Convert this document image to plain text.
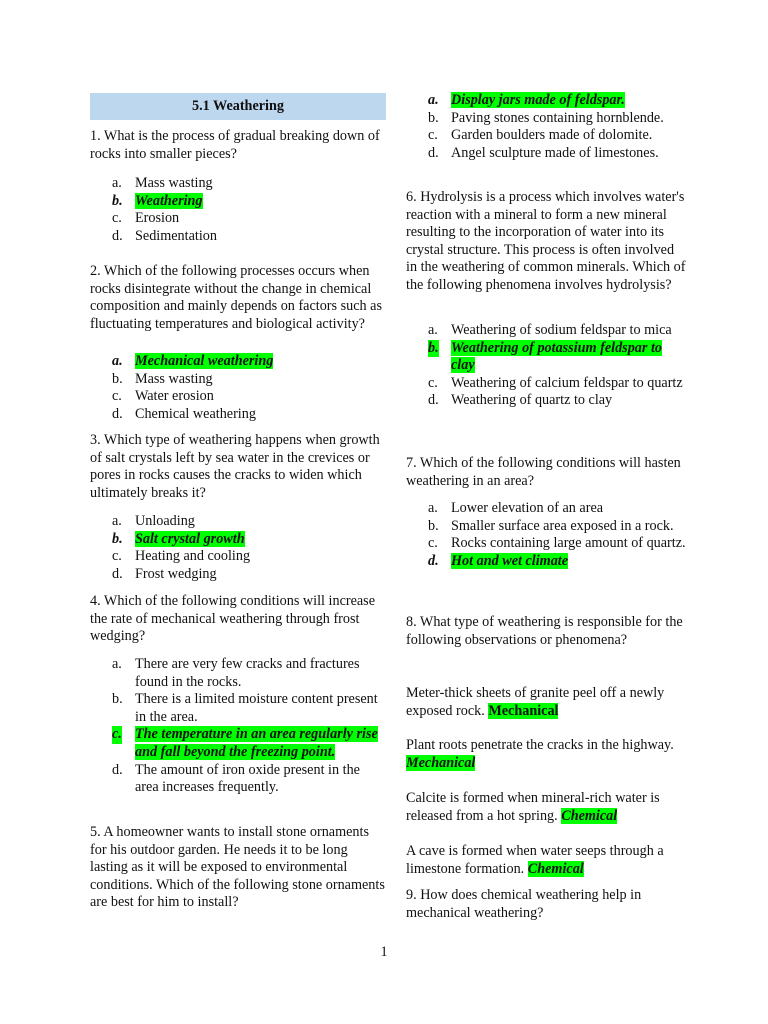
5.1 Weathering

1. What is the process of gradual breaking down of rocks into smaller pieces?

a. Mass wasting
b. Weathering
c. Erosion
d. Sedimentation

2. Which of the following processes occurs when rocks disintegrate without the change in chemical composition and mainly depends on factors such as fluctuating temperatures and biological activity?

a. Mechanical weathering
b. Mass wasting
c. Water erosion
d. Chemical weathering

3. Which type of weathering happens when growth of salt crystals left by sea water in the crevices or pores in rocks causes the cracks to widen which ultimately breaks it?

a. Unloading
b. Salt crystal growth
c. Heating and cooling
d. Frost wedging

4. Which of the following conditions will increase the rate of mechanical weathering through frost wedging?

a. There are very few cracks and fractures found in the rocks.
b. There is a limited moisture content present in the area.
c. The temperature in an area regularly rise and fall beyond the freezing point.
d. The amount of iron oxide present in the area increases frequently.

5. A homeowner wants to install stone ornaments for his outdoor garden. He needs it to be long lasting as it will be exposed to environmental conditions. Which of the following stone ornaments are best for him to install?

a. Display jars made of feldspar.
b. Paving stones containing hornblende.
c. Garden boulders made of dolomite.
d. Angel sculpture made of limestones.

6. Hydrolysis is a process which involves water's reaction with a mineral to form a new mineral resulting to the incorporation of water into its crystal structure. This process is often involved in the weathering of common minerals. Which of the following phenomena involves hydrolysis?

a. Weathering of sodium feldspar to mica
b. Weathering of potassium feldspar to clay
c. Weathering of calcium feldspar to quartz
d. Weathering of quartz to clay

7. Which of the following conditions will hasten weathering in an area?

a. Lower elevation of an area
b. Smaller surface area exposed in a rock.
c. Rocks containing large amount of quartz.
d. Hot and wet climate

8. What type of weathering is responsible for the following observations or phenomena?

Meter-thick sheets of granite peel off a newly exposed rock. Mechanical
Plant roots penetrate the cracks in the highway. Mechanical
Calcite is formed when mineral-rich water is released from a hot spring. Chemical
A cave is formed when water seeps through a limestone formation. Chemical

9. How does chemical weathering help in mechanical weathering?

1
